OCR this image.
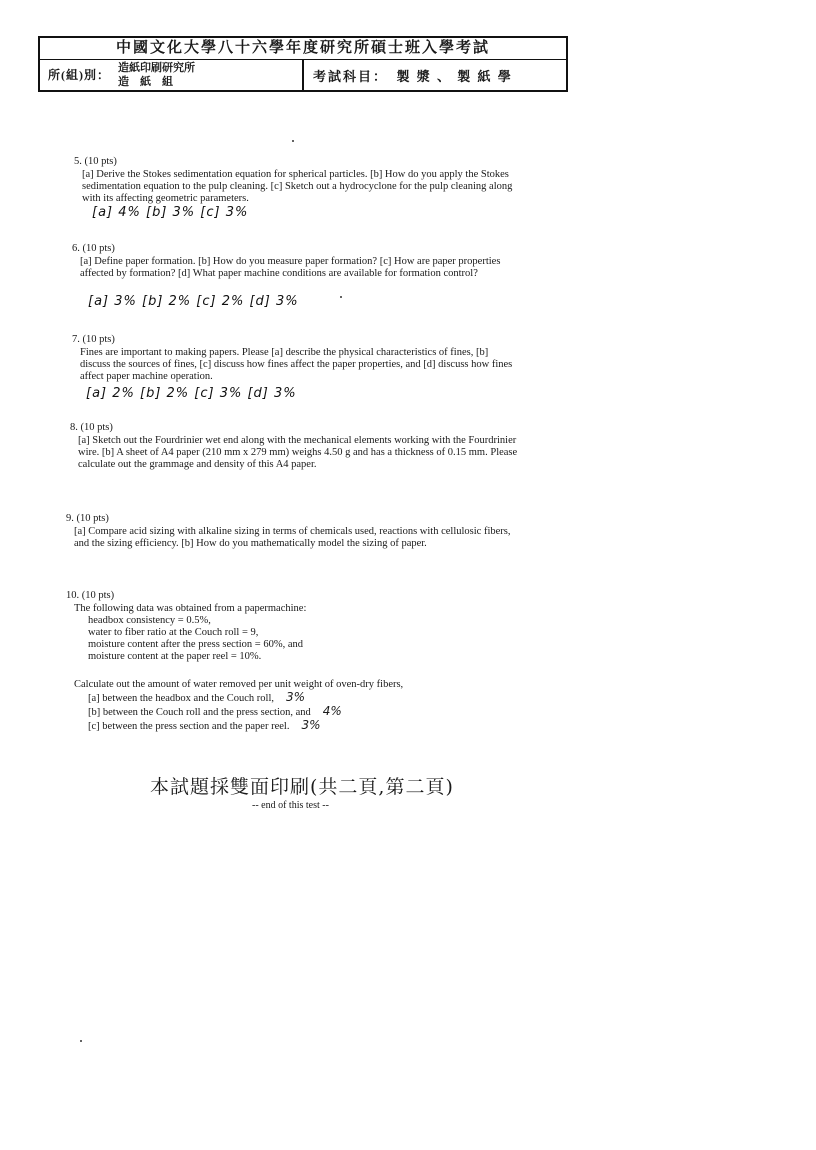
中國文化大學八十六學年度研究所碩士班入學考試
所(組)別： 造紙印刷研究所
造　紙　組	考試科目：　製 漿 、 製 紙 學
5. (10 pts)
[a] Derive the Stokes sedimentation equation for spherical particles. [b] How do you apply the Stokes sedimentation equation to the pulp cleaning. [c] Sketch out a hydrocyclone for the pulp cleaning along with its affecting geometric parameters.
[a] 4% [b] 3% [c] 3%
6. (10 pts)
[a] Define paper formation. [b] How do you measure paper formation? [c] How are paper properties affected by formation? [d] What paper machine conditions are available for formation control?
[a] 3% [b] 2% [c] 2% [d] 3%
7. (10 pts)
Fines are important to making papers. Please [a] describe the physical characteristics of fines, [b] discuss the sources of fines, [c] discuss how fines affect the paper properties, and [d] discuss how fines affect paper machine operation.
[a] 2% [b] 2% [c] 3% [d] 3%
8. (10 pts)
[a] Sketch out the Fourdrinier wet end along with the mechanical elements working with the Fourdrinier wire. [b] A sheet of A4 paper (210 mm x 279 mm) weighs 4.50 g and has a thickness of 0.15 mm. Please calculate out the grammage and density of this A4 paper.
9. (10 pts)
[a] Compare acid sizing with alkaline sizing in terms of chemicals used, reactions with cellulosic fibers, and the sizing efficiency. [b] How do you mathematically model the sizing of paper.
10. (10 pts)
The following data was obtained from a papermachine:
headbox consistency = 0.5%,
water to fiber ratio at the Couch roll = 9,
moisture content after the press section = 60%, and
moisture content at the paper reel = 10%.
Calculate out the amount of water removed per unit weight of oven-dry fibers,
[a] between the headbox and the Couch roll, 3%
[b] between the Couch roll and the press section, and 4%
[c] between the press section and the paper reel. 3%
本試題採雙面印刷(共二頁,第二頁)
-- end of this test --
